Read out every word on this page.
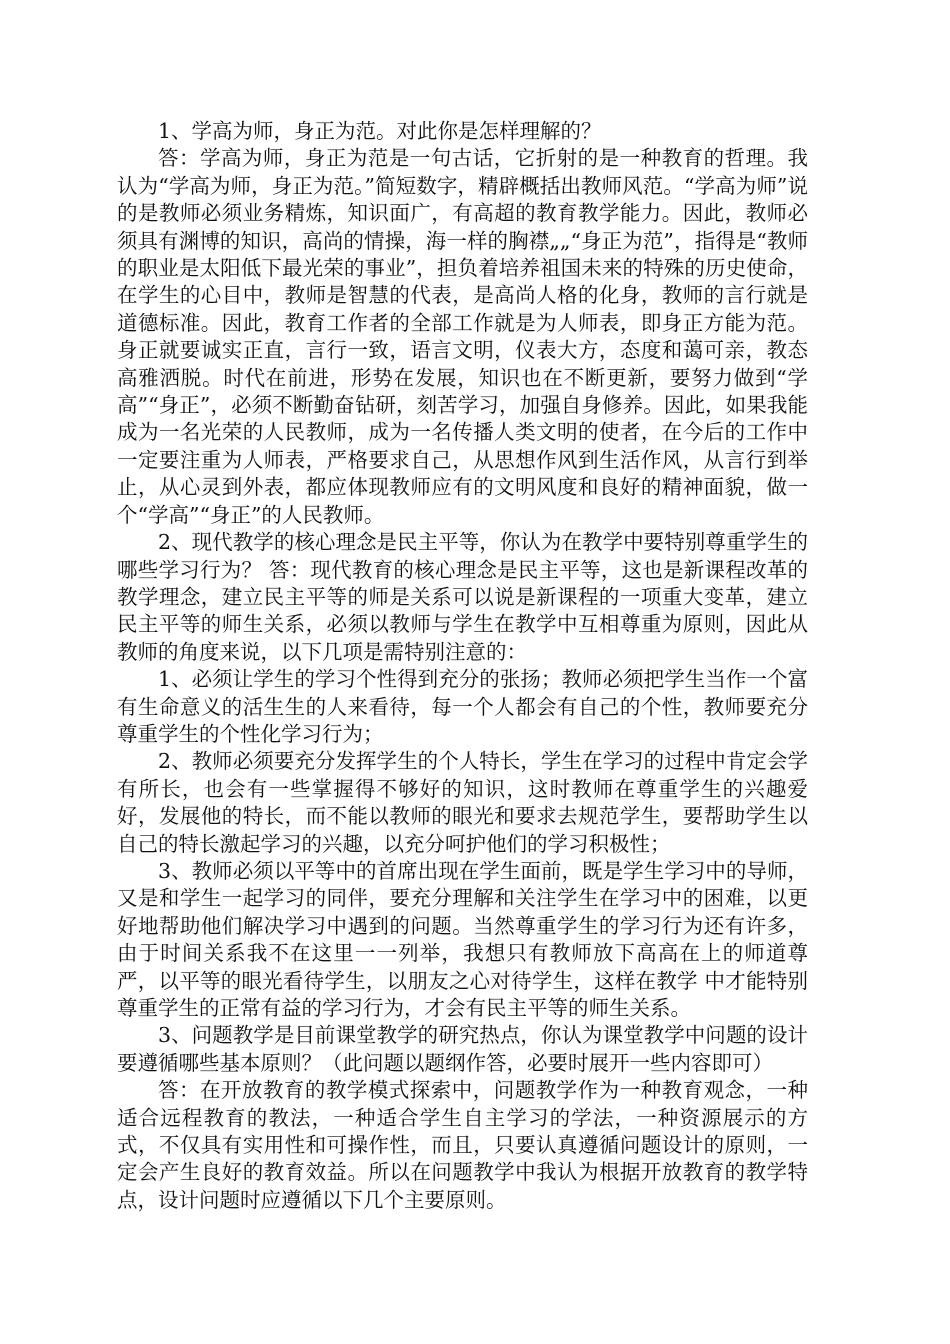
1、学高为师，身正为范。对此你是怎样理解的？

答：学高为师，身正为范是一句古话，它折射的是一种教育的哲理。我认为“学高为师，身正为范。”简短数字，精辟概括出教师风范。“学高为师”说的是教师必须业务精炼，知识面广，有高超的教育教学能力。因此，教师必须具有渊博的知识，高尚的情操，海一样的胸襟„„“身正为范”，指得是“教师的职业是太阳低下最光荣的事业”，担负着培养祖国未来的特殊的历史使命，在学生的心目中，教师是智慧的代表，是高尚人格的化身，教师的言行就是道德标准。因此，教育工作者的全部工作就是为人师表，即身正方能为范。身正就要诚实正直，言行一致，语言文明，仪表大方，态度和蔼可亲，教态高雅洒脱。时代在前进，形势在发展，知识也在不断更新，要努力做到“学高”“身正”，必须不断勤奋钻研，刻苦学习，加强自身修养。因此，如果我能成为一名光荣的人民教师，成为一名传播人类文明的使者，在今后的工作中一定要注重为人师表，严格要求自己，从思想作风到生活作风，从言行到举止，从心灵到外表，都应体现教师应有的文明风度和良好的精神面貌，做一个“学高”“身正”的人民教师。

2、现代教学的核心理念是民主平等，你认为在教学中要特别尊重学生的哪些学习行为？ 答：现代教育的核心理念是民主平等，这也是新课程改革的教学理念，建立民主平等的师是关系可以说是新课程的一项重大变革，建立民主平等的师生关系，必须以教师与学生在教学中互相尊重为原则，因此从教师的角度来说，以下几项是需特别注意的：

1、必须让学生的学习个性得到充分的张扬；教师必须把学生当作一个富有生命意义的活生生的人来看待，每一个人都会有自己的个性，教师要充分尊重学生的个性化学习行为；

2、教师必须要充分发挥学生的个人特长，学生在学习的过程中肯定会学有所长，也会有一些掌握得不够好的知识，这时教师在尊重学生的兴趣爱好，发展他的特长，而不能以教师的眼光和要求去规范学生，要帮助学生以自己的特长激起学习的兴趣，以充分呵护他们的学习积极性；

3、教师必须以平等中的首席出现在学生面前，既是学生学习中的导师，又是和学生一起学习的同伴，要充分理解和关注学生在学习中的困难，以更好地帮助他们解决学习中遇到的问题。当然尊重学生的学习行为还有许多，由于时间关系我不在这里一一列举，我想只有教师放下高高在上的师道尊严，以平等的眼光看待学生，以朋友之心对待学生，这样在教学 中才能特别尊重学生的正常有益的学习行为，才会有民主平等的师生关系。

3、问题教学是目前课堂教学的研究热点，你认为课堂教学中问题的设计要遵循哪些基本原则？（此问题以题纲作答，必要时展开一些内容即可）

答：在开放教育的教学模式探索中，问题教学作为一种教育观念，一种适合远程教育的教法，一种适合学生自主学习的学法，一种资源展示的方式，不仅具有实用性和可操作性，而且，只要认真遵循问题设计的原则，一定会产生良好的教育效益。所以在问题教学中我认为根据开放教育的教学特点，设计问题时应遵循以下几个主要原则。
